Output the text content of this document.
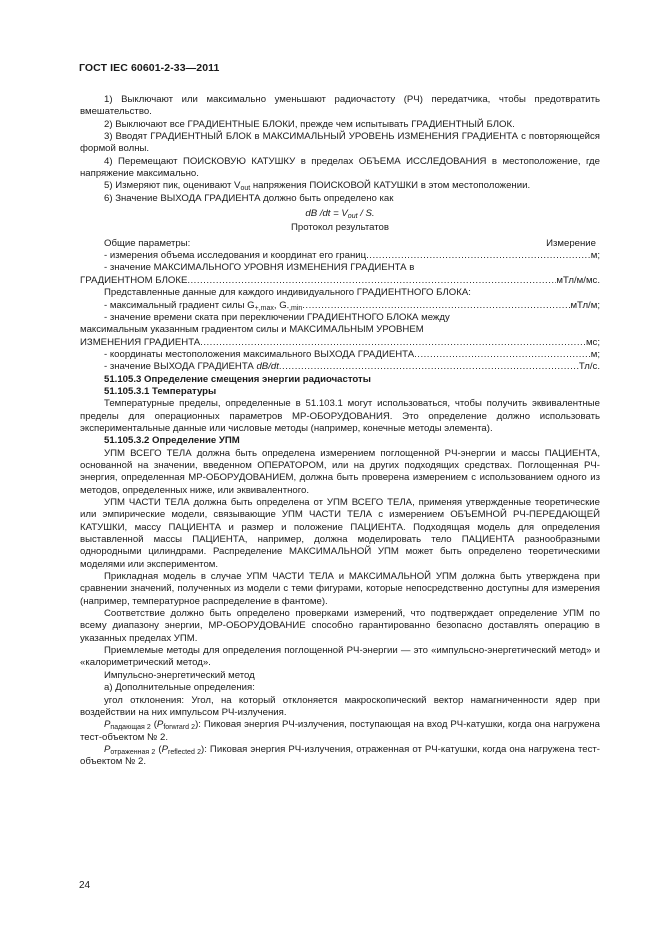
ГОСТ IEC 60601-2-33—2011

1) Выключают или максимально уменьшают радиочастоту (РЧ) передатчика, чтобы предотвратить вмешательство.

2) Выключают все ГРАДИЕНТНЫЕ БЛОКИ, прежде чем испытывать ГРАДИЕНТНЫЙ БЛОК.

3) Вводят ГРАДИЕНТНЫЙ БЛОК в МАКСИМАЛЬНЫЙ УРОВЕНЬ ИЗМЕНЕНИЯ ГРАДИЕНТА с повторяющейся формой волны.

4) Перемещают ПОИСКОВУЮ КАТУШКУ в пределах ОБЪЕМА ИССЛЕДОВАНИЯ в местоположение, где напряжение максимально.

5) Измеряют пик, оценивают $V_{out}$ напряжения ПОИСКОВОЙ КАТУШКИ в этом местоположении.

6) Значение ВЫХОДА ГРАДИЕНТА должно быть определено как

dB $/dt = V_{out} / S$.
Протокол результатов
Общие параметры:	Измерение
- измерения объема исследования и координат его границ .....	м;
- значение МАКСИМАЛЬНОГО УРОВНЯ ИЗМЕНЕНИЯ ГРАДИЕНТА в
ГРАДИЕНТНОМ БЛОКЕ .....	мТл/м/мс.
Представленные данные для каждого индивидуального ГРАДИЕНТНОГО БЛОКА:
- максимальный градиент силы $G_{+,max}$, $G_{-,min}$ .....	мТл/м;
- значение времени ската при переключении ГРАДИЕНТНОГО БЛОКА между
максимальным указанным градиентом силы и МАКСИМАЛЬНЫМ УРОВНЕМ
ИЗМЕНЕНИЯ ГРАДИЕНТА .....	мс;
- координаты местоположения максимального ВЫХОДА ГРАДИЕНТА .....	м;
- значение ВЫХОДА ГРАДИЕНТА dB/dt .....	Тл/с.
51.105.3 Определение смещения энергии радиочастоты
51.105.3.1 Температуры

Температурные пределы, определенные в 51.103.1 могут использоваться, чтобы получить эквивалентные пределы для операционных параметров МР-ОБОРУДОВАНИЯ. Это определение должно использовать экспериментальные данные или числовые методы (например, конечные методы элемента).

51.105.3.2 Определение УПМ

УПМ ВСЕГО ТЕЛА должна быть определена измерением поглощенной РЧ-энергии и массы ПАЦИЕНТА, основанной на значении, введенном ОПЕРАТОРОМ, или на других подходящих средствах. Поглощенная РЧ-энергия, определенная МР-ОБОРУДОВАНИЕМ, должна быть проверена измерением с использованием одного из методов, определенных ниже, или эквивалентного.

УПМ ЧАСТИ ТЕЛА должна быть определена от УПМ ВСЕГО ТЕЛА, применяя утвержденные теоретические или эмпирические модели, связывающие УПМ ЧАСТИ ТЕЛА с измерением ОБЪЕМНОЙ РЧ-ПЕРЕДАЮЩЕЙ КАТУШКИ, массу ПАЦИЕНТА и размер и положение ПАЦИЕНТА. Подходящая модель для определения выставленной массы ПАЦИЕНТА, например, должна моделировать тело ПАЦИЕНТА разнообразными однородными цилиндрами. Распределение МАКСИМАЛЬНОЙ УПМ может быть определено теоретическими моделями или экспериментом.

Прикладная модель в случае УПМ ЧАСТИ ТЕЛА и МАКСИМАЛЬНОЙ УПМ должна быть утверждена при сравнении значений, полученных из модели с теми фигурами, которые непосредственно доступны для измерения (например, температурное распределение в фантоме).

Соответствие должно быть определено проверками измерений, что подтверждает определение УПМ по всему диапазону энергии, МР-ОБОРУДОВАНИЕ способно гарантированно безопасно доставлять операцию в указанных пределах УПМ.

Приемлемые методы для определения поглощенной РЧ-энергии — это «импульсно-энергетический метод» и «калориметрический метод».

Импульсно-энергетический метод

а) Дополнительные определения:

угол отклонения: Угол, на который отклоняется макроскопический вектор намагниченности ядер при воздействии на них импульсом РЧ-излучения.

$P_{падающая 2}$ $(P_{forwrard 2})$: Пиковая энергия РЧ-излучения, поступающая на вход РЧ-катушки, когда она нагружена тест-объектом № 2.

$P_{отраженная 2}$ $(P_{reflected 2})$: Пиковая энергия РЧ-излучения, отраженная от РЧ-катушки, когда она нагружена тест-объектом № 2.

24
